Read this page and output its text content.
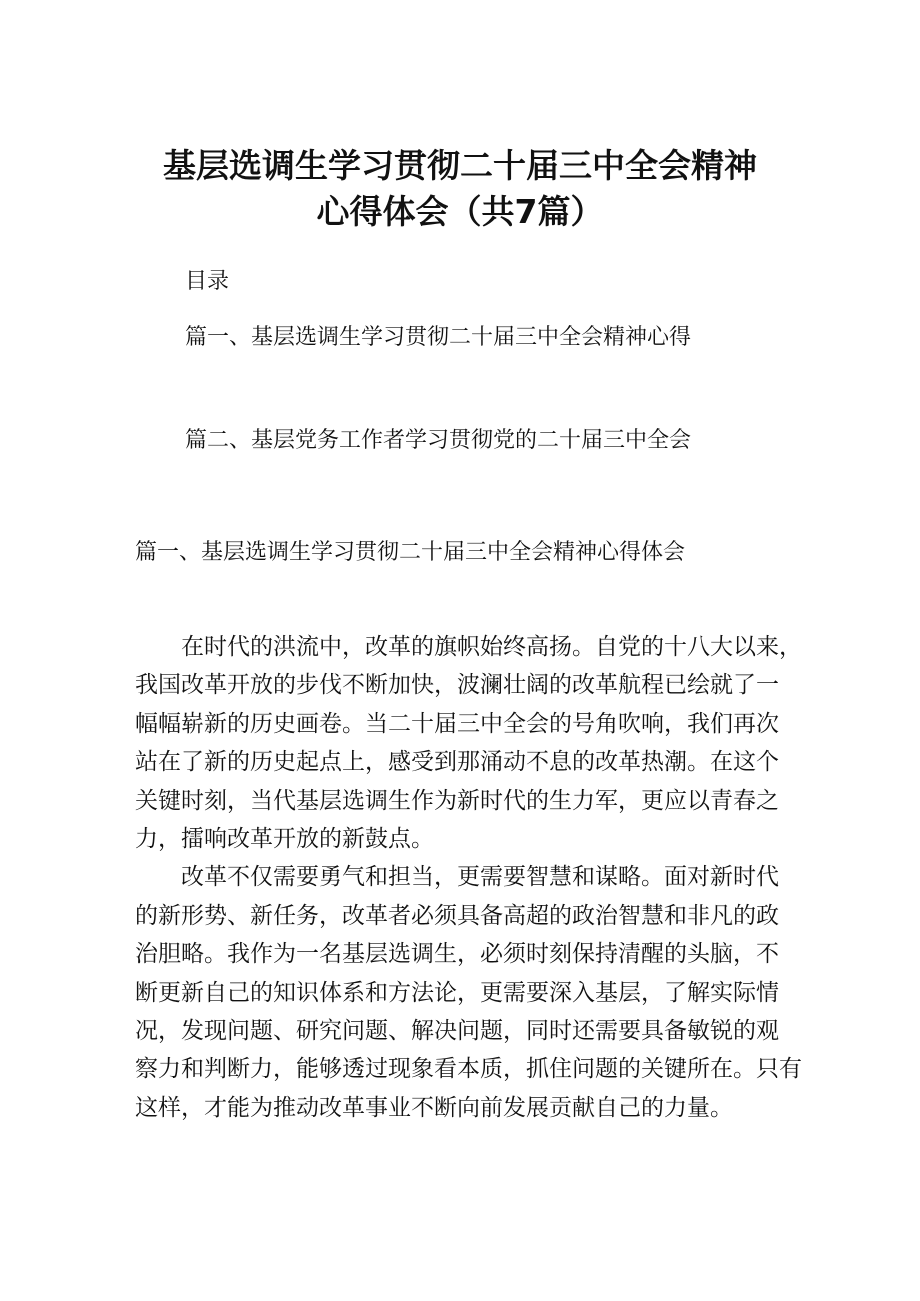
基层选调生学习贯彻二十届三中全会精神
心得体会（共7篇）
目录
篇一、基层选调生学习贯彻二十届三中全会精神心得
篇二、基层党务工作者学习贯彻党的二十届三中全会
篇一、基层选调生学习贯彻二十届三中全会精神心得体会

在时代的洪流中，改革的旗帜始终高扬。自党的十八大以来，
我国改革开放的步伐不断加快，波澜壮阔的改革航程已绘就了一
幅幅崭新的历史画卷。当二十届三中全会的号角吹响，我们再次
站在了新的历史起点上，感受到那涌动不息的改革热潮。在这个
关键时刻，当代基层选调生作为新时代的生力军，更应以青春之
力，擂响改革开放的新鼓点。

改革不仅需要勇气和担当，更需要智慧和谋略。面对新时代
的新形势、新任务，改革者必须具备高超的政治智慧和非凡的政
治胆略。我作为一名基层选调生，必须时刻保持清醒的头脑，不
断更新自己的知识体系和方法论，更需要深入基层，了解实际情
况，发现问题、研究问题、解决问题，同时还需要具备敏锐的观
察力和判断力，能够透过现象看本质，抓住问题的关键所在。只有
这样，才能为推动改革事业不断向前发展贡献自己的力量。
